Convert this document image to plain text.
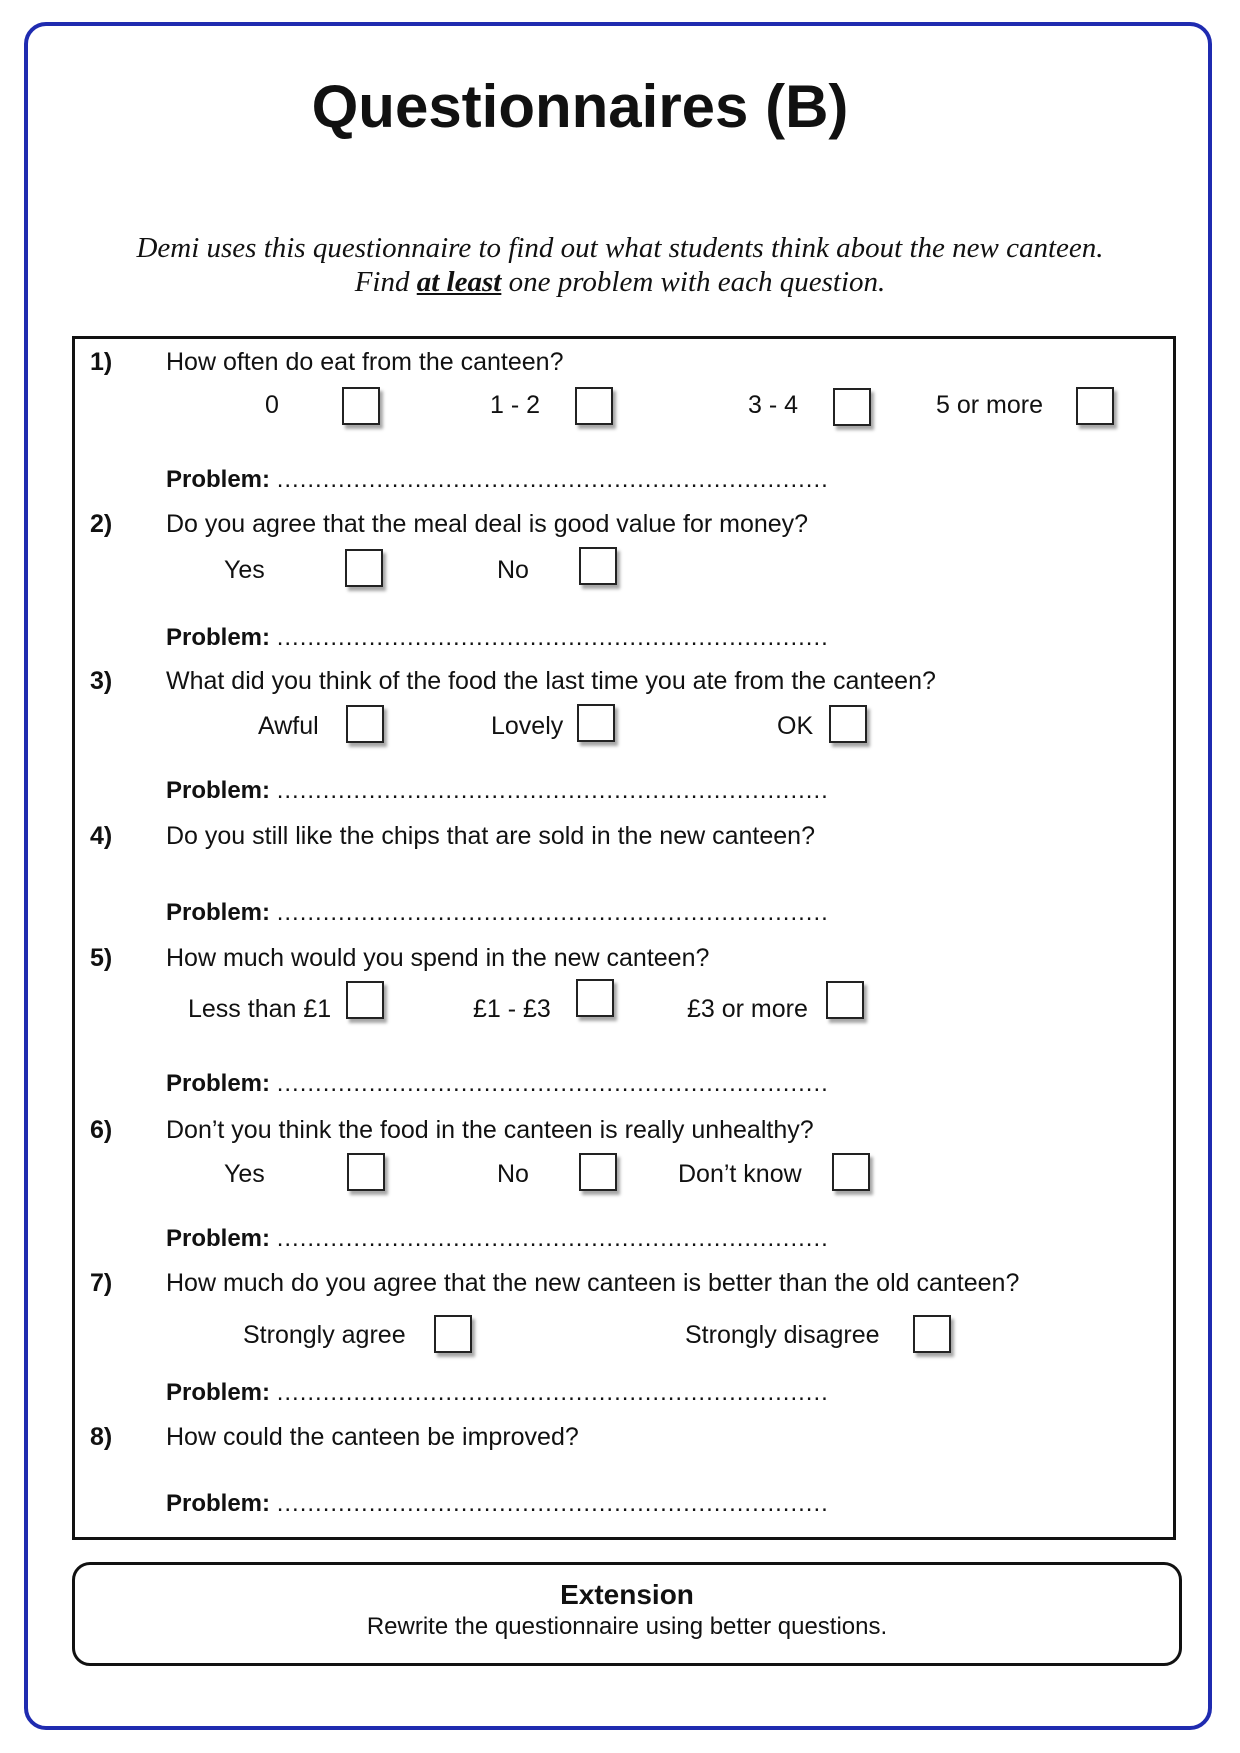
Questionnaires (B)
Demi uses this questionnaire to find out what students think about the new canteen.
Find at least one problem with each question.
1) How often do eat from the canteen?
0	1 - 2	3 - 4	5 or more
Problem: ........................................................................
2) Do you agree that the meal deal is good value for money?
Yes	No
Problem: ........................................................................
3) What did you think of the food the last time you ate from the canteen?
Awful	Lovely	OK
Problem: ........................................................................
4) Do you still like the chips that are sold in the new canteen?
Problem: ........................................................................
5) How much would you spend in the new canteen?
Less than £1	£1 - £3	£3 or more
Problem: ........................................................................
6) Don’t you think the food in the canteen is really unhealthy?
Yes	No	Don’t know
Problem: ........................................................................
7) How much do you agree that the new canteen is better than the old canteen?
Strongly agree	Strongly disagree
Problem: ........................................................................
8) How could the canteen be improved?
Problem: ........................................................................
Extension
Rewrite the questionnaire using better questions.
